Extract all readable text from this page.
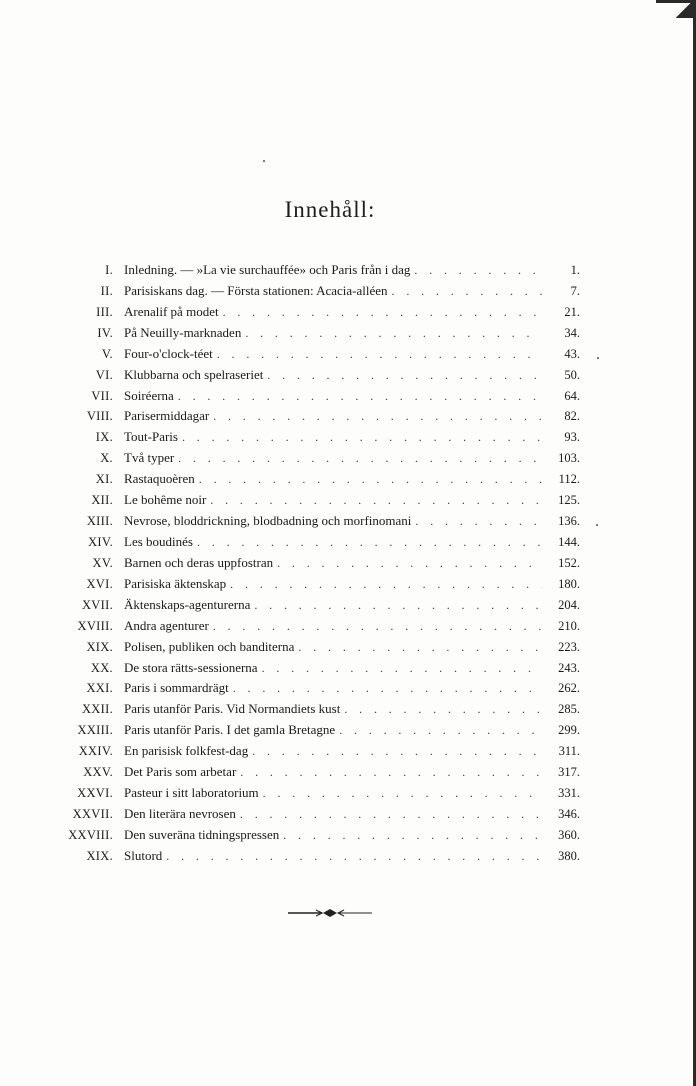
Innehåll:
I. Inledning. — »La vie surchauffée» och Paris från i dag . . .	1.
II. Parisiskans dag. — Första stationen: Acacia-alléen . . .	7.
III. Arenalif på modet . . .	21.
IV. På Neuilly-marknaden . . .	34.
V. Four-o'clock-téet . . .	43.
VI. Klubbarna och spelraseriet . . .	50.
VII. Soiréerna . . .	64.
VIII. Parisermiddagar . . .	82.
IX. Tout-Paris . . .	93.
X. Två typer . . .	103.
XI. Rastaquoèren . . .	112.
XII. Le bohême noir . . .	125.
XIII. Nevrose, bloddrickning, blodbadning och morfinomani . . .	136.
XIV. Les boudinés . . .	144.
XV. Barnen och deras uppfostran . . .	152.
XVI. Parisiska äktenskap . . .	180.
XVII. Äktenskaps-agenturerna . . .	204.
XVIII. Andra agenturer . . .	210.
XIX. Polisen, publiken och banditerna . . .	223.
XX. De stora rätts-sessionerna . . .	243.
XXI. Paris i sommardrägt . . .	262.
XXII. Paris utanför Paris. Vid Normandiets kust . . .	285.
XXIII. Paris utanför Paris. I det gamla Bretagne . . .	299.
XXIV. En parisisk folkfest-dag . . .	311.
XXV. Det Paris som arbetar . . .	317.
XXVI. Pasteur i sitt laboratorium . . .	331.
XXVII. Den literära nevrosen . . .	346.
XXVIII. Den suveräna tidningspressen . . .	360.
XIX. Slutord . . .	380.
